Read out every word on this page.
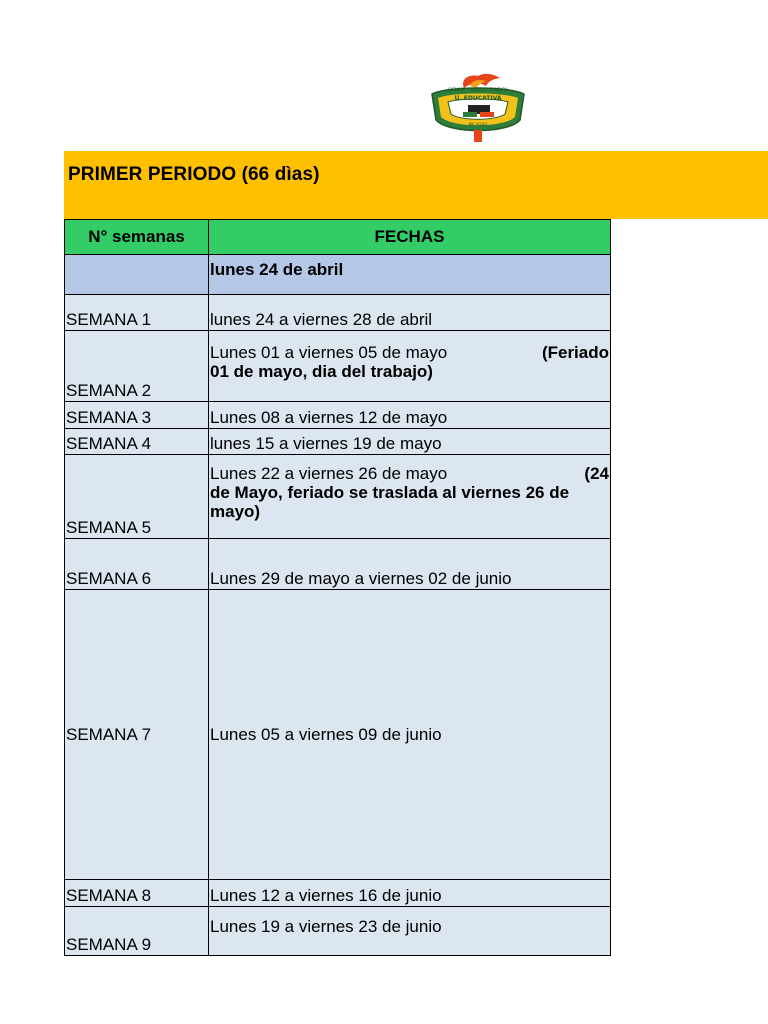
CIENCIA · TECNICA · CULTURA
U. EDUCATIVA
MILAGRO
PRIMER PERIODO (66 dìas)
N° semanas	FECHAS
	lunes 24 de abril
SEMANA 1	lunes 24 a viernes 28 de abril
SEMANA 2	Lunes 01 a viernes 05 de mayo (Feriado
01 de mayo, dia del trabajo)

SEMANA 3	Lunes 08 a viernes 12 de mayo
SEMANA 4	lunes 15 a viernes 19 de mayo
SEMANA 5	Lunes 22 a viernes 26 de mayo (24
de Mayo, feriado se traslada al viernes 26 de mayo)

SEMANA 6	Lunes 29 de mayo a viernes 02 de junio
SEMANA 7	Lunes 05 a viernes 09 de junio
SEMANA 8	Lunes 12 a viernes 16 de junio
SEMANA 9	Lunes 19 a viernes 23 de junio
